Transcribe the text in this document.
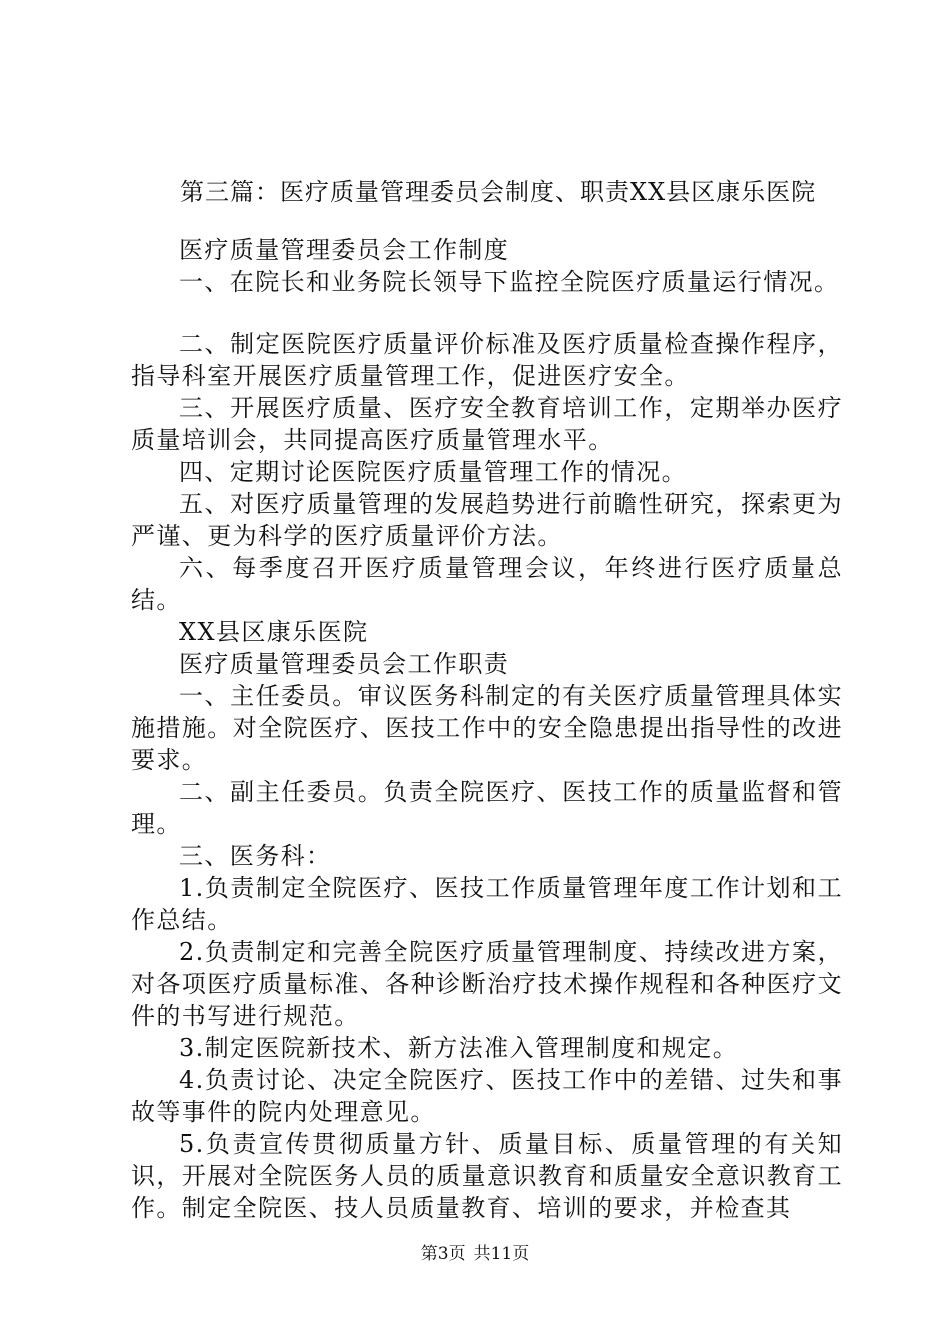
第三篇：医疗质量管理委员会制度、职责XX县区康乐医院

医疗质量管理委员会工作制度

一、在院长和业务院长领导下监控全院医疗质量运行情况。

二、制定医院医疗质量评价标准及医疗质量检查操作程序，指导科室开展医疗质量管理工作，促进医疗安全。

三、开展医疗质量、医疗安全教育培训工作，定期举办医疗质量培训会，共同提高医疗质量管理水平。

四、定期讨论医院医疗质量管理工作的情况。

五、对医疗质量管理的发展趋势进行前瞻性研究，探索更为严谨、更为科学的医疗质量评价方法。

六、每季度召开医疗质量管理会议，年终进行医疗质量总结。

XX县区康乐医院

医疗质量管理委员会工作职责

一、主任委员。审议医务科制定的有关医疗质量管理具体实施措施。对全院医疗、医技工作中的安全隐患提出指导性的改进要求。

二、副主任委员。负责全院医疗、医技工作的质量监督和管理。

三、医务科：

1.负责制定全院医疗、医技工作质量管理年度工作计划和工作总结。

2.负责制定和完善全院医疗质量管理制度、持续改进方案，对各项医疗质量标准、各种诊断治疗技术操作规程和各种医疗文件的书写进行规范。

3.制定医院新技术、新方法准入管理制度和规定。

4.负责讨论、决定全院医疗、医技工作中的差错、过失和事故等事件的院内处理意见。

5.负责宣传贯彻质量方针、质量目标、质量管理的有关知识，开展对全院医务人员的质量意识教育和质量安全意识教育工作。制定全院医、技人员质量教育、培训的要求，并检查其

第3页 共11页
